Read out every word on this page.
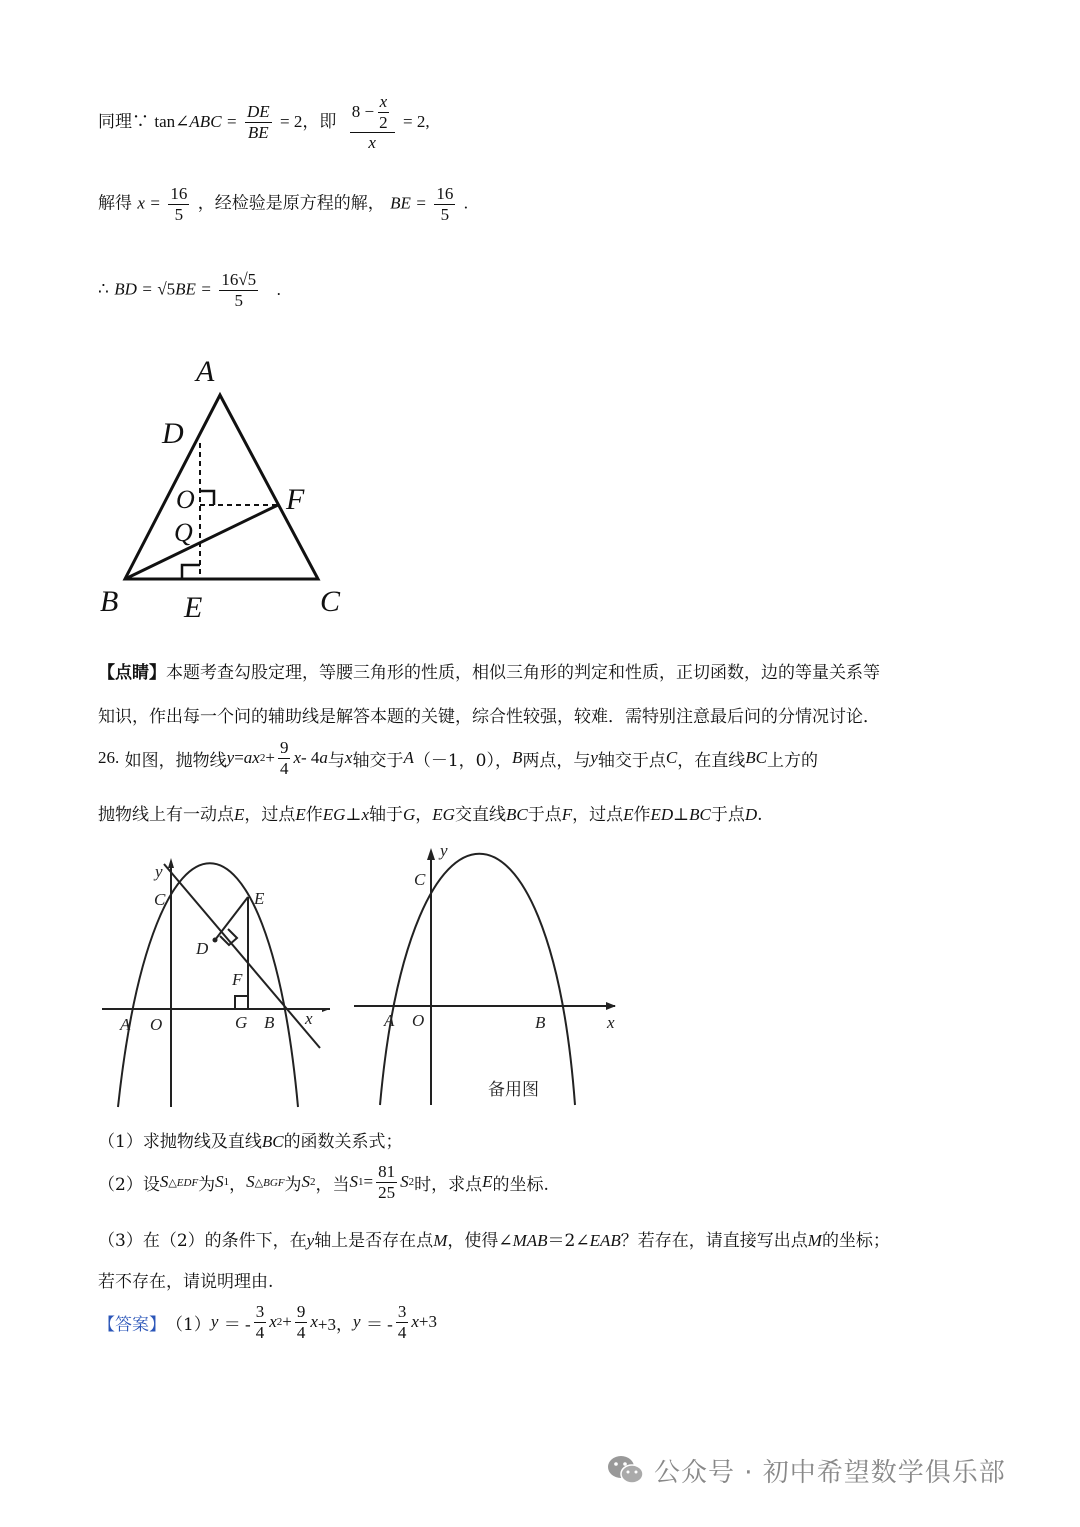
同理∵ tan∠ABC = $\frac{DE}{BE} = 2$，即 $\frac{8 - \frac{x}{2}}{x} = 2$,
解得 $x = \frac{16}{5}$ ，经检验是原方程的解， BE = $\frac{16}{5}$ .
∴ BD = $√5BE = \frac{16√5}{5}$ .
A
D
O
Q
F
B E	C
【点睛】本题考查勾股定理，等腰三角形的性质，相似三角形的判定和性质，正切函数，边的等量关系等
知识，作出每一个问的辅助线是解答本题的关键，综合性较强，较难．需特别注意最后问的分情况讨论．
26.
如图，抛物线 y = ax $2 + \frac{9}{4}$ x - 4 a 与 x 轴交于 A （－1，0）， B 两点，与 y 轴交于点 C ，在直线 BC 上方的
抛物线上有一动点E，过点E作EG⊥x轴于G，EG交直线BC于点F，过点E作ED⊥BC于点D.
y
C	E
D
F
A O	G B x
y
C
A O	B	x
备用图
（1）求抛物线及直线BC的函数关系式；
（2）设 S △EDF 为 S 1 ， S △BGF 为 S 2 ，当 S $1 = \frac{81}{25}$ S 2 时，求点 E 的坐标.
（3）在（2）的条件下，在y轴上是否存在点M，使得∠MAB＝2∠EAB？若存在，请直接写出点M的坐标；
若不存在，请说明理由.
【答案】 （1） y
＝ - $\frac{3}{4}$ x $2 + \frac{9}{4}$ x +3， y
＝ - $\frac{3}{4}$ x +3
公众号 · 初中希望数学俱乐部
